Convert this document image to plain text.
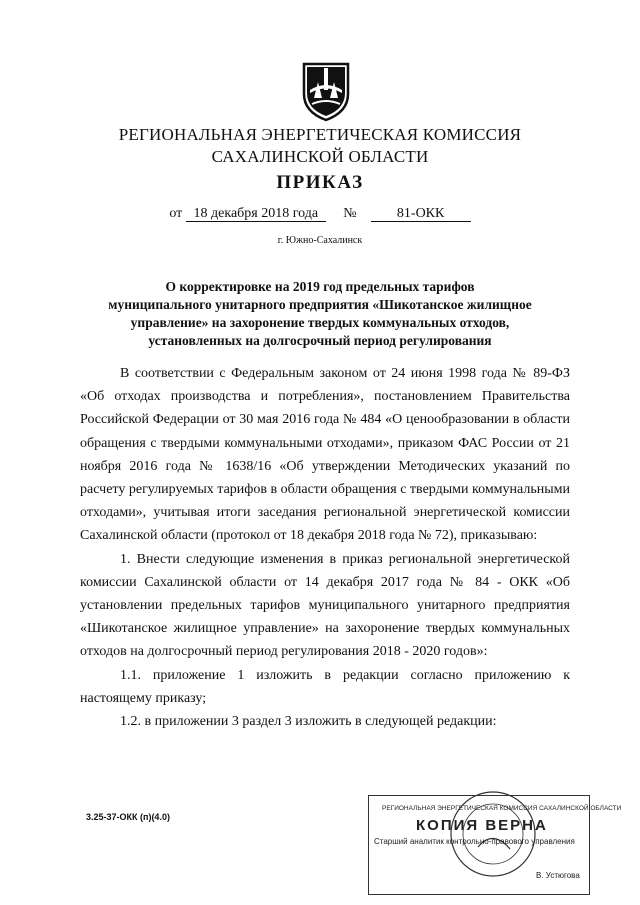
РЕГИОНАЛЬНАЯ ЭНЕРГЕТИЧЕСКАЯ КОМИССИЯ
САХАЛИНСКОЙ ОБЛАСТИ
ПРИКАЗ
от 18 декабря 2018 года №	81-ОКК
г. Южно-Сахалинск
О корректировке на 2019 год предельных тарифов
муниципального унитарного предприятия «Шикотанское жилищное
управление» на захоронение твердых коммунальных отходов,
установленных на долгосрочный период регулирования

В соответствии с Федеральным законом от 24 июня 1998 года № 89-ФЗ «Об отходах производства и потребления», постановлением Правительства Российской Федерации от 30 мая 2016 года № 484 «О ценообразовании в области обращения с твердыми коммунальными отходами», приказом ФАС России от 21 ноября 2016 года № 1638/16 «Об утверждении Методических указаний по расчету регулируемых тарифов в области обращения с твердыми коммунальными отходами», учитывая итоги заседания региональной энергетической комиссии Сахалинской области (протокол от 18 декабря 2018 года № 72), приказываю:

1. Внести следующие изменения в приказ региональной энергетической комиссии Сахалинской области от 14 декабря 2017 года № 84 - ОКК «Об установлении предельных тарифов муниципального унитарного предприятия «Шикотанское жилищное управление» на захоронение твердых коммунальных отходов на долгосрочный период регулирования 2018 - 2020 годов»:

1.1. приложение 1 изложить в редакции согласно приложению к настоящему приказу;

1.2. в приложении 3 раздел 3 изложить в следующей редакции:

3.25-37-ОКК (п)(4.0)
РЕГИОНАЛЬНАЯ ЭНЕРГЕТИЧЕСКАЯ КОМИССИЯ САХАЛИНСКОЙ ОБЛАСТИ
КОПИЯ ВЕРНА
Старший аналитик контрольно-правового управления
В. Устюгова
